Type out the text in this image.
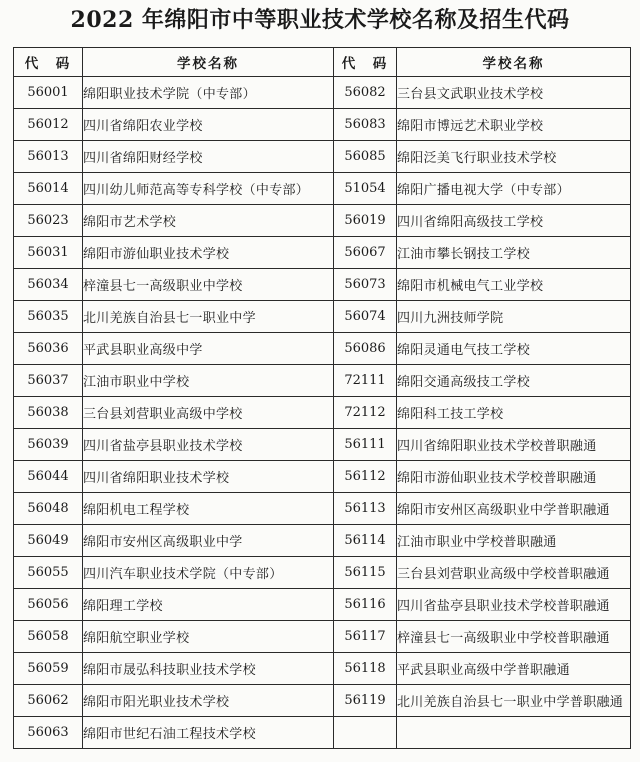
2022 年绵阳市中等职业技术学校名称及招生代码
代　码	学校名称	代　码	学校名称
56001	绵阳职业技术学院（中专部）	56082	三台县文武职业技术学校
56012	四川省绵阳农业学校	56083	绵阳市博远艺术职业学校
56013	四川省绵阳财经学校	56085	绵阳泛美飞行职业技术学校
56014	四川幼儿师范高等专科学校（中专部）	51054	绵阳广播电视大学（中专部）
56023	绵阳市艺术学校	56019	四川省绵阳高级技工学校
56031	绵阳市游仙职业技术学校	56067	江油市攀长钢技工学校
56034	梓潼县七一高级职业中学校	56073	绵阳市机械电气工业学校
56035	北川羌族自治县七一职业中学	56074	四川九洲技师学院
56036	平武县职业高级中学	56086	绵阳灵通电气技工学校
56037	江油市职业中学校	72111	绵阳交通高级技工学校
56038	三台县刘营职业高级中学校	72112	绵阳科工技工学校
56039	四川省盐亭县职业技术学校	56111	四川省绵阳职业技术学校普职融通
56044	四川省绵阳职业技术学校	56112	绵阳市游仙职业技术学校普职融通
56048	绵阳机电工程学校	56113	绵阳市安州区高级职业中学普职融通
56049	绵阳市安州区高级职业中学	56114	江油市职业中学校普职融通
56055	四川汽车职业技术学院（中专部）	56115	三台县刘营职业高级中学校普职融通
56056	绵阳理工学校	56116	四川省盐亭县职业技术学校普职融通
56058	绵阳航空职业学校	56117	梓潼县七一高级职业中学校普职融通
56059	绵阳市晟弘科技职业技术学校	56118	平武县职业高级中学普职融通
56062	绵阳市阳光职业技术学校	56119	北川羌族自治县七一职业中学普职融通
56063	绵阳市世纪石油工程技术学校		
